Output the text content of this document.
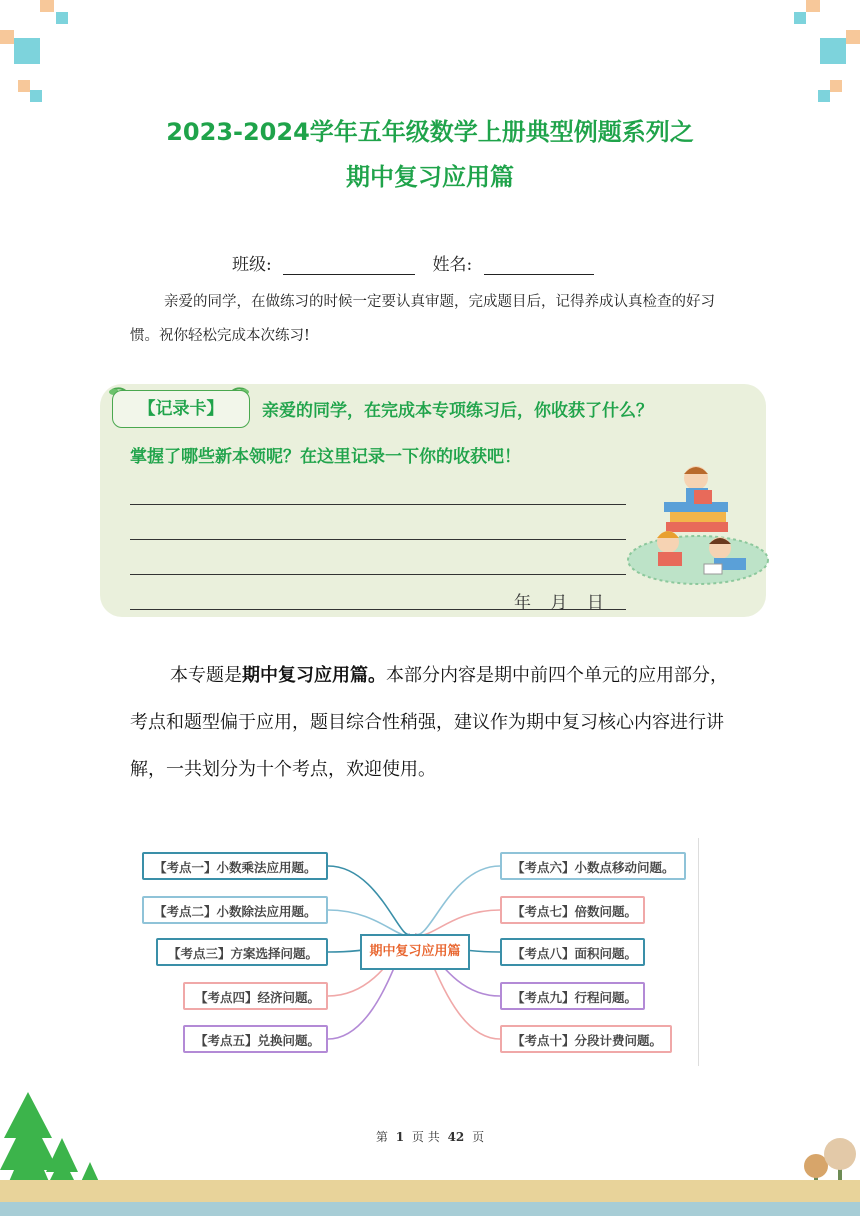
2023-2024学年五年级数学上册典型例题系列之
期中复习应用篇
班级:	姓名:
亲爱的同学，在做练习的时候一定要认真审题，完成题目后，记得养成认真检查的好习惯。祝你轻松完成本次练习!
【记录卡】	亲爱的同学，在完成本专项练习后，你收获了什么？
掌握了哪些新本领呢？在这里记录一下你的收获吧！
年 月 日
本专题是期中复习应用篇。本部分内容是期中前四个单元的应用部分，考点和题型偏于应用，题目综合性稍强，建议作为期中复习核心内容进行讲解，一共划分为十个考点，欢迎使用。
【考点一】小数乘法应用题。
【考点二】小数除法应用题。
【考点三】方案选择问题。
【考点四】经济问题。
【考点五】兑换问题。
【考点六】小数点移动问题。
【考点七】倍数问题。
【考点八】面积问题。
【考点九】行程问题。
【考点十】分段计费问题。
期中复习应用篇
第 1 页 共 42 页
